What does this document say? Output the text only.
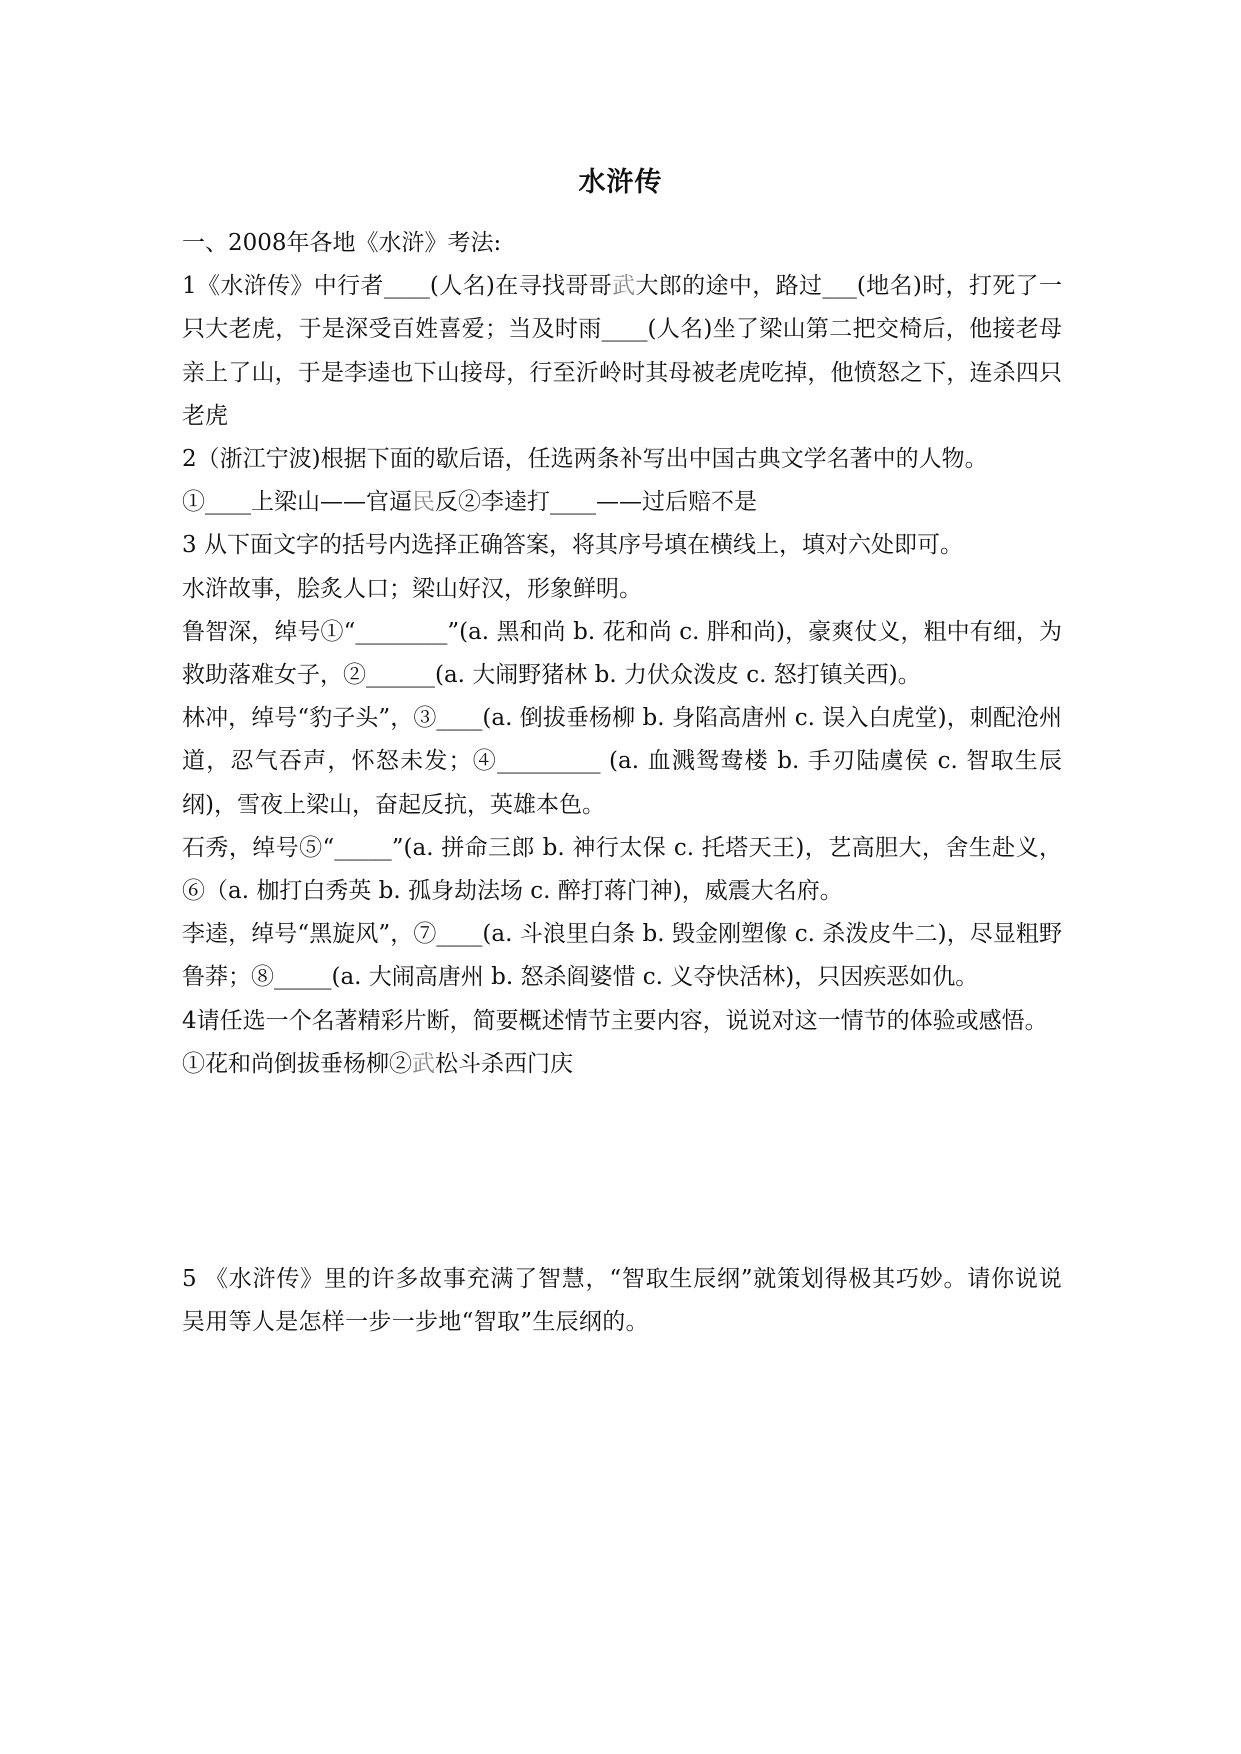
水浒传

一、2008年各地《水浒》考法:

1《水浒传》中行者____(人名)在寻找哥哥武大郎的途中，路过___(地名)时，打死了一只大老虎，于是深受百姓喜爱；当及时雨____(人名)坐了梁山第二把交椅后，他接老母亲上了山，于是李逵也下山接母，行至沂岭时其母被老虎吃掉，他愤怒之下，连杀四只老虎

2（浙江宁波)根据下面的歇后语，任选两条补写出中国古典文学名著中的人物。

①____上梁山——官逼民反②李逵打____——过后赔不是

3 从下面文字的括号内选择正确答案，将其序号填在横线上，填对六处即可。

水浒故事，脍炙人口；梁山好汉，形象鲜明。

鲁智深，绰号①“________”(a. 黑和尚 b. 花和尚 c. 胖和尚)，豪爽仗义，粗中有细，为救助落难女子，②______(a. 大闹野猪林 b. 力伏众泼皮 c. 怒打镇关西)。

林冲，绰号“豹子头”，③____(a. 倒拔垂杨柳 b. 身陷高唐州 c. 误入白虎堂)，刺配沧州道，忍气吞声，怀怒未发；④_________ (a. 血溅鸳鸯楼 b. 手刃陆虞侯 c. 智取生辰纲)，雪夜上梁山，奋起反抗，英雄本色。

石秀，绰号⑤“_____”(a. 拼命三郎 b. 神行太保 c. 托塔天王)，艺高胆大，舍生赴义，⑥（a. 枷打白秀英 b. 孤身劫法场 c. 醉打蒋门神)，威震大名府。

李逵，绰号“黑旋风”，⑦____(a. 斗浪里白条 b. 毁金刚塑像 c. 杀泼皮牛二)，尽显粗野鲁莽；⑧_____(a. 大闹高唐州 b. 怒杀阎婆惜 c. 义夺快活林)，只因疾恶如仇。

4请任选一个名著精彩片断，简要概述情节主要内容，说说对这一情节的体验或感悟。

①花和尚倒拔垂杨柳②武松斗杀西门庆

5 《水浒传》里的许多故事充满了智慧，“智取生辰纲”就策划得极其巧妙。请你说说吴用等人是怎样一步一步地“智取”生辰纲的。
